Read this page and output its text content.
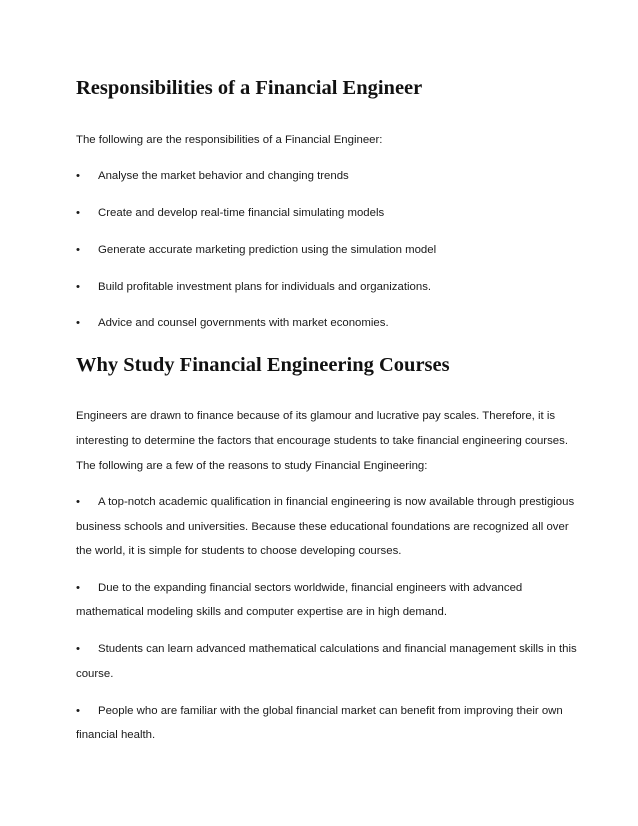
Responsibilities of a Financial Engineer

The following are the responsibilities of a Financial Engineer:

• Analyse the market behavior and changing trends
• Create and develop real-time financial simulating models
• Generate accurate marketing prediction using the simulation model
• Build profitable investment plans for individuals and organizations.
• Advice and counsel governments with market economies.
Why Study Financial Engineering Courses

Engineers are drawn to finance because of its glamour and lucrative pay scales. Therefore, it is

interesting to determine the factors that encourage students to take financial engineering courses.

The following are a few of the reasons to study Financial Engineering:

• A top-notch academic qualification in financial engineering is now available through prestigious

business schools and universities. Because these educational foundations are recognized all over

the world, it is simple for students to choose developing courses.

• Due to the expanding financial sectors worldwide, financial engineers with advanced

mathematical modeling skills and computer expertise are in high demand.

• Students can learn advanced mathematical calculations and financial management skills in this

course.

• People who are familiar with the global financial market can benefit from improving their own

financial health.
